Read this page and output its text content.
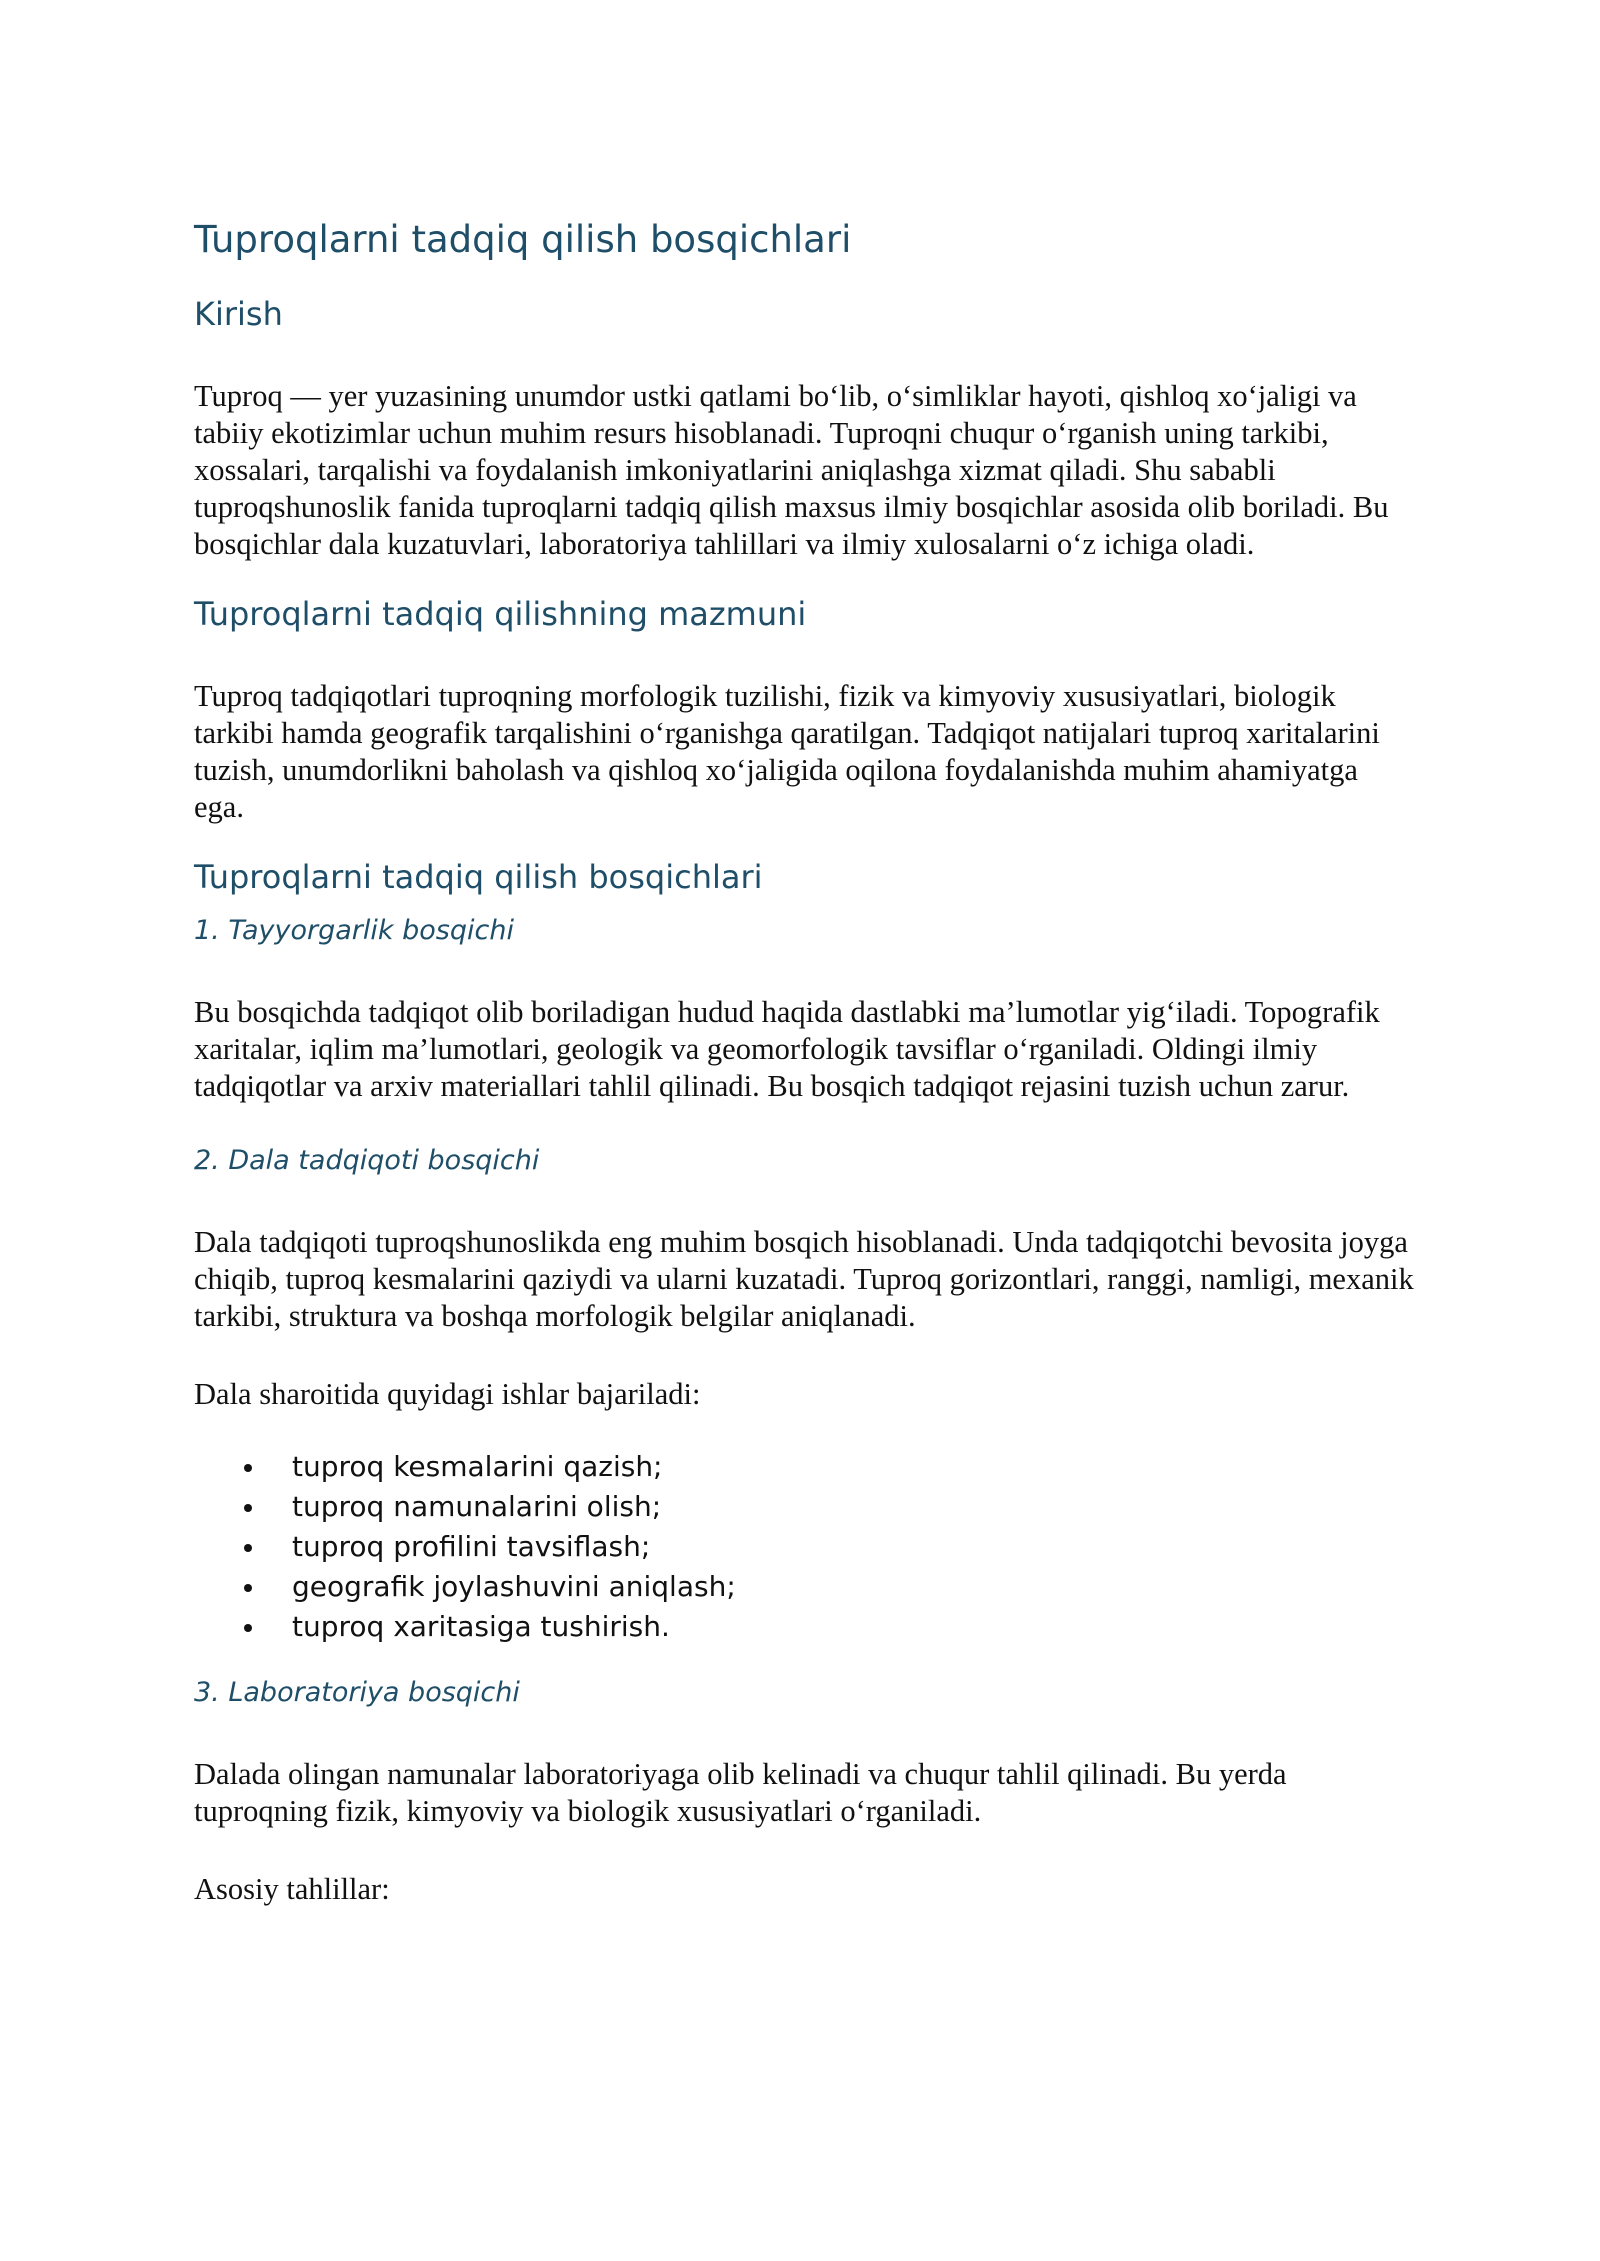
Tuproqlarni tadqiq qilish bosqichlari
Kirish

Tuproq — yer yuzasining unumdor ustki qatlami bo‘lib, o‘simliklar hayoti, qishloq xo‘jaligi va tabiiy ekotizimlar uchun muhim resurs hisoblanadi. Tuproqni chuqur o‘rganish uning tarkibi, xossalari, tarqalishi va foydalanish imkoniyatlarini aniqlashga xizmat qiladi. Shu sababli tuproqshunoslik fanida tuproqlarni tadqiq qilish maxsus ilmiy bosqichlar asosida olib boriladi. Bu bosqichlar dala kuzatuvlari, laboratoriya tahlillari va ilmiy xulosalarni o‘z ichiga oladi.

Tuproqlarni tadqiq qilishning mazmuni

Tuproq tadqiqotlari tuproqning morfologik tuzilishi, fizik va kimyoviy xususiyatlari, biologik tarkibi hamda geografik tarqalishini o‘rganishga qaratilgan. Tadqiqot natijalari tuproq xaritalarini tuzish, unumdorlikni baholash va qishloq xo‘jaligida oqilona foydalanishda muhim ahamiyatga ega.

Tuproqlarni tadqiq qilish bosqichlari
1. Tayyorgarlik bosqichi

Bu bosqichda tadqiqot olib boriladigan hudud haqida dastlabki ma’lumotlar yig‘iladi. Topografik xaritalar, iqlim ma’lumotlari, geologik va geomorfologik tavsiflar o‘rganiladi. Oldingi ilmiy tadqiqotlar va arxiv materiallari tahlil qilinadi. Bu bosqich tadqiqot rejasini tuzish uchun zarur.

2. Dala tadqiqoti bosqichi

Dala tadqiqoti tuproqshunoslikda eng muhim bosqich hisoblanadi. Unda tadqiqotchi bevosita joyga chiqib, tuproq kesmalarini qaziydi va ularni kuzatadi. Tuproq gorizontlari, ranggi, namligi, mexanik tarkibi, struktura va boshqa morfologik belgilar aniqlanadi.

Dala sharoitida quyidagi ishlar bajariladi:

tuproq kesmalarini qazish;
tuproq namunalarini olish;
tuproq profilini tavsiflash;
geografik joylashuvini aniqlash;
tuproq xaritasiga tushirish.
3. Laboratoriya bosqichi

Dalada olingan namunalar laboratoriyaga olib kelinadi va chuqur tahlil qilinadi. Bu yerda tuproqning fizik, kimyoviy va biologik xususiyatlari o‘rganiladi.

Asosiy tahlillar:
